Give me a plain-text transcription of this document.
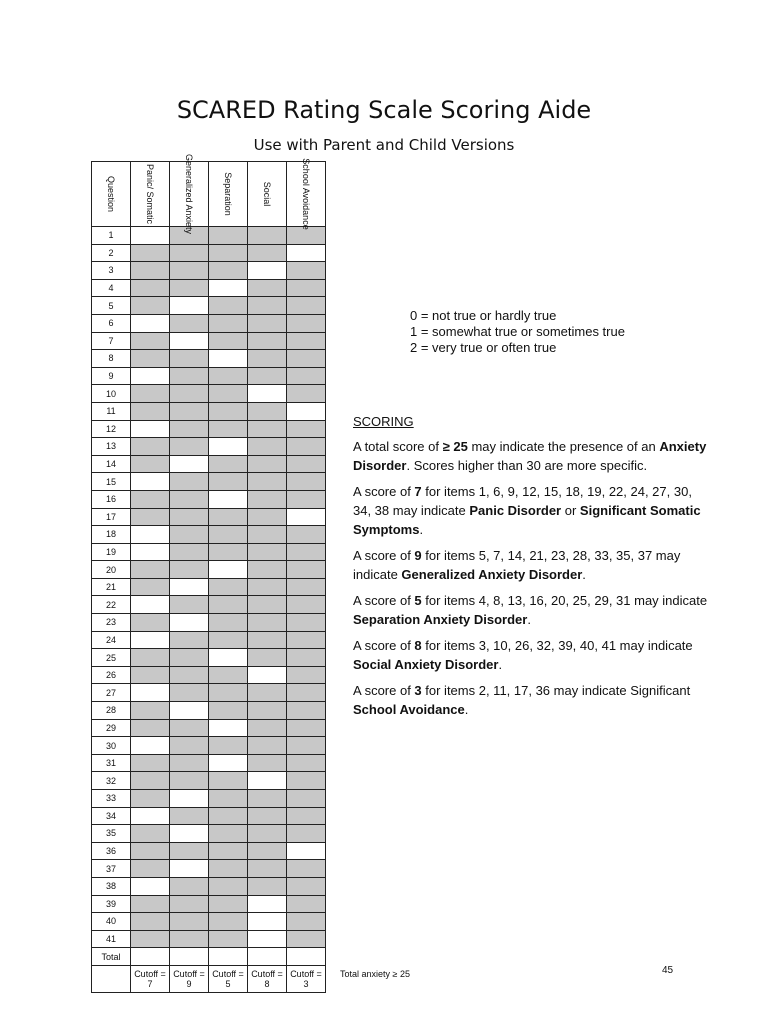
SCARED Rating Scale Scoring Aide
Use with Parent and Child Versions
Question	Panic/ Somatic	Generalized Anxiety	Separation	Social	School Avoidance

1					
2					
3					
4					
5					
6					
7					
8					
9					
10					
11					
12					
13					
14					
15					
16					
17					
18					
19					
20					
21					
22					
23					
24					
25					
26					
27					
28					
29					
30					
31					
32					
33					
34					
35					
36					
37					
38					
39					
40					
41					
Total					
	Cutoff = 7	Cutoff = 9	Cutoff = 5	Cutoff = 8	Cutoff = 3
0 = not true or hardly true
1 = somewhat true or sometimes true
2 = very true or often true

SCORING

A total score of ≥ 25 may indicate the presence of an Anxiety Disorder. Scores higher than 30 are more specific.

A score of 7 for items 1, 6, 9, 12, 15, 18, 19, 22, 24, 27, 30, 34, 38 may indicate Panic Disorder or Significant Somatic Symptoms.

A score of 9 for items 5, 7, 14, 21, 23, 28, 33, 35, 37 may indicate Generalized Anxiety Disorder.

A score of 5 for items 4, 8, 13, 16, 20, 25, 29, 31 may indicate Separation Anxiety Disorder.

A score of 8 for items 3, 10, 26, 32, 39, 40, 41 may indicate Social Anxiety Disorder.

A score of 3 for items 2, 11, 17, 36 may indicate Significant School Avoidance.

Total anxiety ≥ 25	45
